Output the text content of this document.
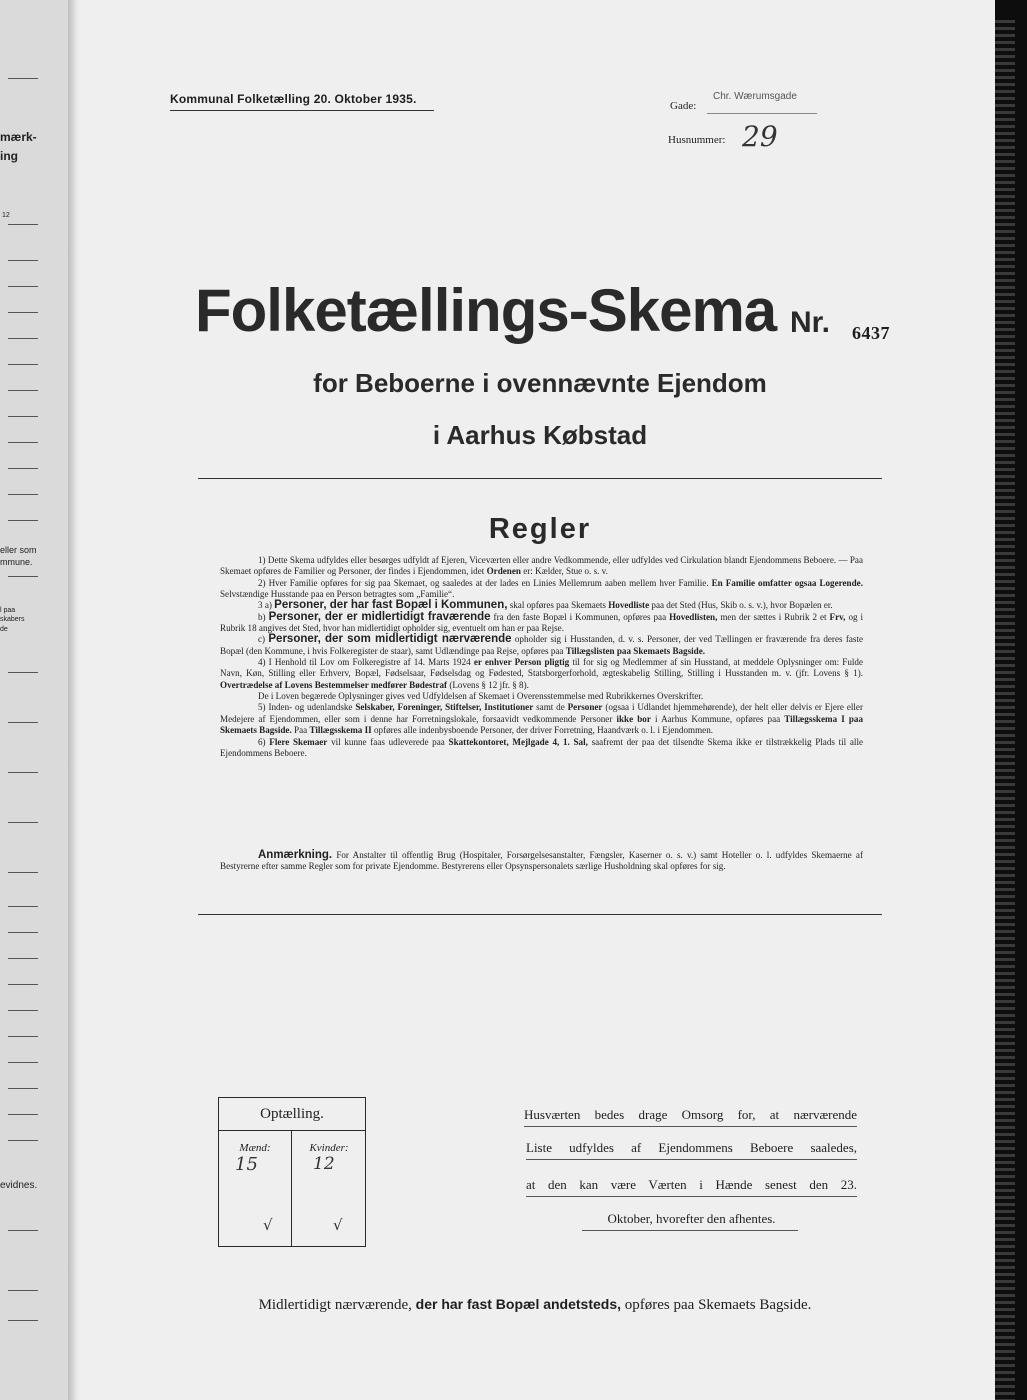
mærk-
ing
12
eller som
mmune.
l paa
skabers
de
evidnes.
Kommunal Folketælling 20. Oktober 1935.	Gade:
Chr. Wærumsgade
Husnummer: 29
Folketællings-Skema Nr. 6437
for Beboerne i ovennævnte Ejendom
i Aarhus Købstad
Regler

1) Dette Skema udfyldes eller besørges udfyldt af Ejeren, Viceværten eller andre Vedkommende, eller udfyldes ved Cirkulation blandt Ejendommens Beboere. — Paa Skemaet opføres de Familier og Personer, der findes i Ejendommen, idet Ordenen er: Kælder, Stue o. s. v.

2) Hver Familie opføres for sig paa Skemaet, og saaledes at der lades en Linies Mellemrum aaben mellem hver Familie. En Familie omfatter ogsaa Logerende. Selvstændige Husstande paa en Person betragtes som „Familie“.

3 a) Personer, der har fast Bopæl i Kommunen, skal opføres paa Skemaets Hovedliste paa det Sted (Hus, Skib o. s. v.), hvor Bopælen er.

b) Personer, der er midlertidigt fraværende fra den faste Bopæl i Kommunen, opføres paa Hovedlisten, men der sættes i Rubrik 2 et Frv, og i Rubrik 18 angives det Sted, hvor han midlertidigt opholder sig, eventuelt om han er paa Rejse.

c) Personer, der som midlertidigt nærværende opholder sig i Husstanden, d. v. s. Personer, der ved Tællingen er fraværende fra deres faste Bopæl (den Kommune, i hvis Folkeregister de staar), samt Udlændinge paa Rejse, opføres paa Tillægslisten paa Skemaets Bagside.

4) I Henhold til Lov om Folkeregistre af 14. Marts 1924 er enhver Person pligtig til for sig og Medlemmer af sin Husstand, at meddele Oplysninger om: Fulde Navn, Køn, Stilling eller Erhverv, Bopæl, Fødselsaar, Fødselsdag og Fødested, Statsborgerforhold, ægteskabelig Stilling, Stilling i Husstanden m. v. (jfr. Lovens § 1). Overtrædelse af Lovens Bestemmelser medfører Bødestraf (Lovens § 12 jfr. § 8).

De i Loven begærede Oplysninger gives ved Udfyldelsen af Skemaet i Overensstemmelse med Rubrikkernes Overskrifter.

5) Inden- og udenlandske Selskaber, Foreninger, Stiftelser, Institutioner samt de Personer (ogsaa i Udlandet hjemmehørende), der helt eller delvis er Ejere eller Medejere af Ejendommen, eller som i denne har Forretningslokale, forsaavidt vedkommende Personer ikke bor i Aarhus Kommune, opføres paa Tillægsskema I paa Skemaets Bagside. Paa Tillægsskema II opføres alle indenbysboende Personer, der driver Forretning, Haandværk o. l. i Ejendommen.

6) Flere Skemaer vil kunne faas udleverede paa Skattekontoret, Mejlgade 4, 1. Sal, saafremt der paa det tilsendte Skema ikke er tilstrækkelig Plads til alle Ejendommens Beboere.

Anmærkning. For Anstalter til offentlig Brug (Hospitaler, Forsørgelsesanstalter, Fængsler, Kaserner o. s. v.) samt Hoteller o. l. udfyldes Skemaerne af Bestyrerne efter samme Regler som for private Ejendomme. Bestyrerens eller Opsynspersonalets særlige Husholdning skal opføres for sig.

Optælling.
Mænd:	Kvinder:
15	12
√	√
Husværten bedes drage Omsorg for, at nærværende
Liste udfyldes af Ejendommens Beboere saaledes,
at den kan være Værten i Hænde senest den 23.
Oktober, hvorefter den afhentes.
Midlertidigt nærværende, der har fast Bopæl andetsteds, opføres paa Skemaets Bagside.
